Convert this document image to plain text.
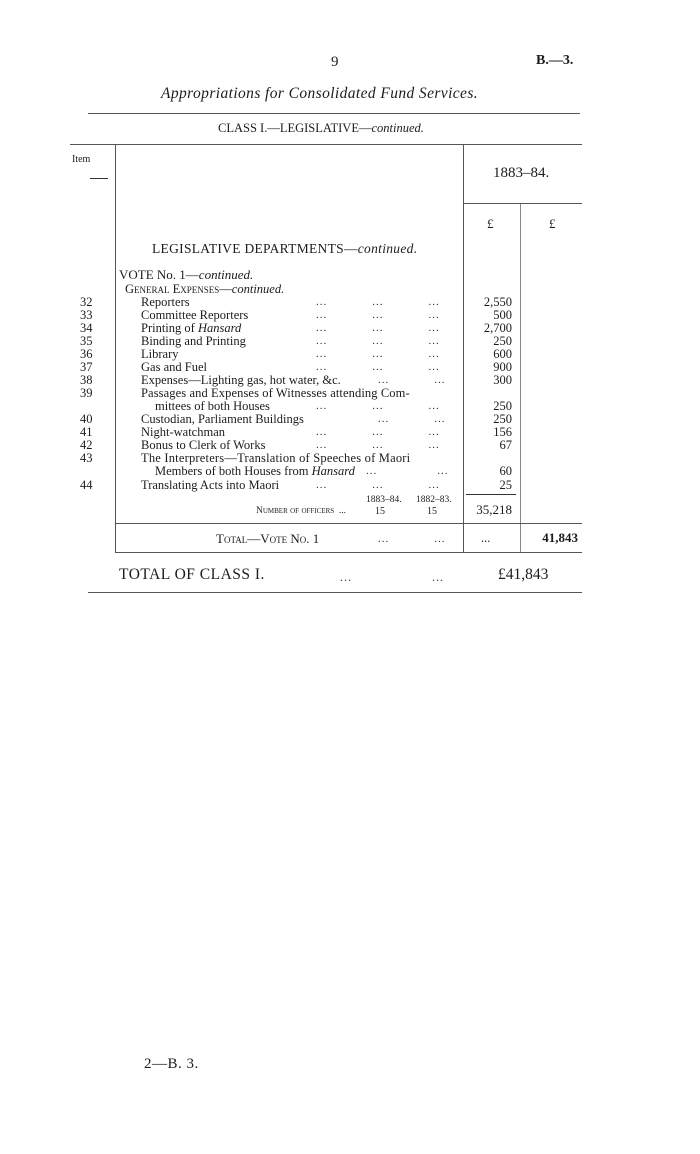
9	B.—3.
Appropriations for Consolidated Fund Services.
CLASS I.—LEGISLATIVE—continued.
Item
1883–84.
£	£
LEGISLATIVE DEPARTMENTS—continued.
VOTE No. 1—continued.
General Expenses—continued.
32	Reporters	...            ...            ...	2,550
33	Committee Reporters	...            ...            ...	500
34	Printing of Hansard	...            ...            ...	2,700
35	Binding and Printing	...            ...            ...	250
36	Library	...            ...            ...	600
37	Gas and Fuel	...            ...            ...	900
38	Expenses—Lighting gas, hot water, &c.	...            ...	300
39	Passages and Expenses of Witnesses attending Com-
mittees of both Houses	...            ...            ...	250
40	Custodian, Parliament Buildings	...            ...	250
41	Night-watchman	...            ...            ...	156
42	Bonus to Clerk of Works	...            ...            ...	67
43	The Interpreters—Translation of Speeches of Maori
Members of both Houses from Hansard ...                ...	60
44	Translating Acts into Maori	...            ...            ...	25
1883–84. 1882–83.
Number of officers  ...	15	15	35,218
Total—Vote No. 1	...            ...	...	41,843
TOTAL OF CLASS I.	...                    ...	£41,843
2—B. 3.
